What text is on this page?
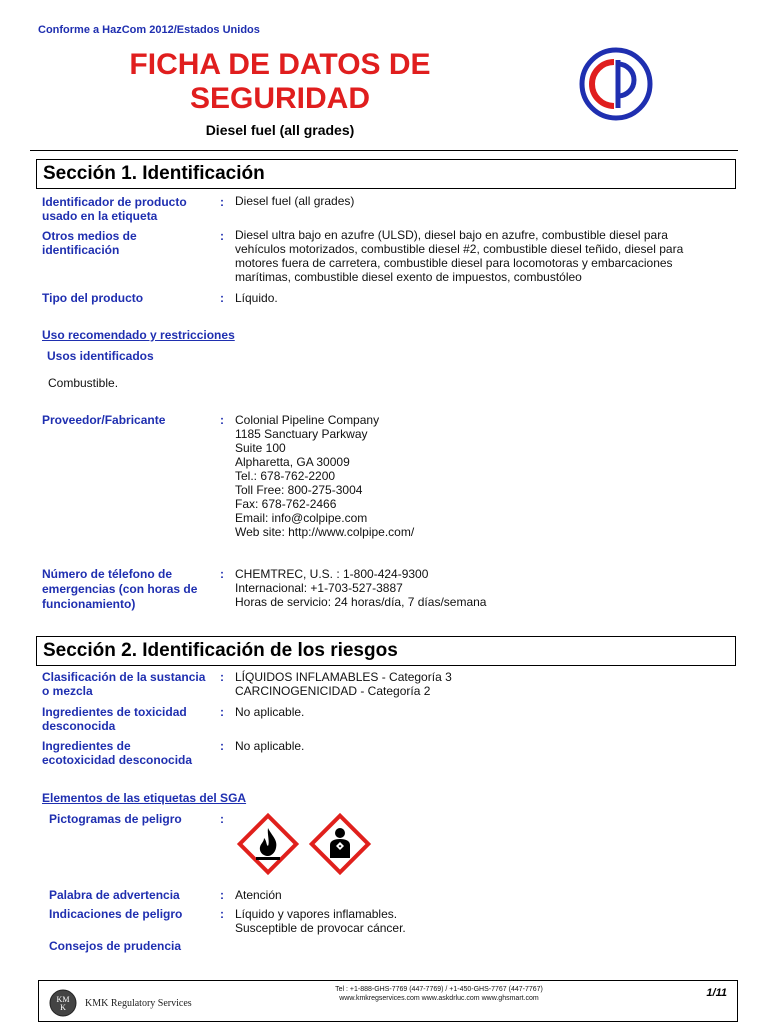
Conforme a HazCom 2012/Estados Unidos
FICHA DE DATOS DE
SEGURIDAD
Diesel fuel (all grades)
Sección 1. Identificación
Identificador de producto
usado en la etiqueta
: Diesel fuel (all grades)
Otros medios de
identificación
: Diesel ultra bajo en azufre (ULSD), diesel bajo en azufre, combustible diesel para
vehículos motorizados, combustible diesel #2, combustible diesel teñido, diesel para
motores fuera de carretera, combustible diesel para locomotoras y embarcaciones
marítimas, combustible diesel exento de impuestos, combustóleo
Tipo del producto	: Líquido.
Uso recomendado y restricciones
Usos identificados
Combustible.
Proveedor/Fabricante	: Colonial Pipeline Company
1185 Sanctuary Parkway
Suite 100
Alpharetta, GA 30009
Tel.: 678-762-2200
Toll Free: 800-275-3004
Fax: 678-762-2466
Email: info@colpipe.com
Web site: http://www.colpipe.com/
Número de télefono de
emergencias (con horas de
funcionamiento)
: CHEMTREC, U.S. : 1-800-424-9300
Internacional: +1-703-527-3887
Horas de servicio: 24 horas/día, 7 días/semana
Sección 2. Identificación de los riesgos
Clasificación de la sustancia
o mezcla
: LÍQUIDOS INFLAMABLES - Categoría 3
CARCINOGENICIDAD - Categoría 2
Ingredientes de toxicidad
desconocida
: No aplicable.
Ingredientes de
ecotoxicidad desconocida
: No aplicable.
Elementos de las etiquetas del SGA
Pictogramas de peligro	:
Palabra de advertencia	: Atención
Indicaciones de peligro	: Líquido y vapores inflamables.
Susceptible de provocar cáncer.
Consejos de prudencia
KM
K KMK Regulatory Services
Tel : +1-888-GHS-7769 (447-7769) / +1-450-GHS-7767 (447-7767)
www.kmkregservices.com www.askdrluc.com www.ghsmart.com	1/11
